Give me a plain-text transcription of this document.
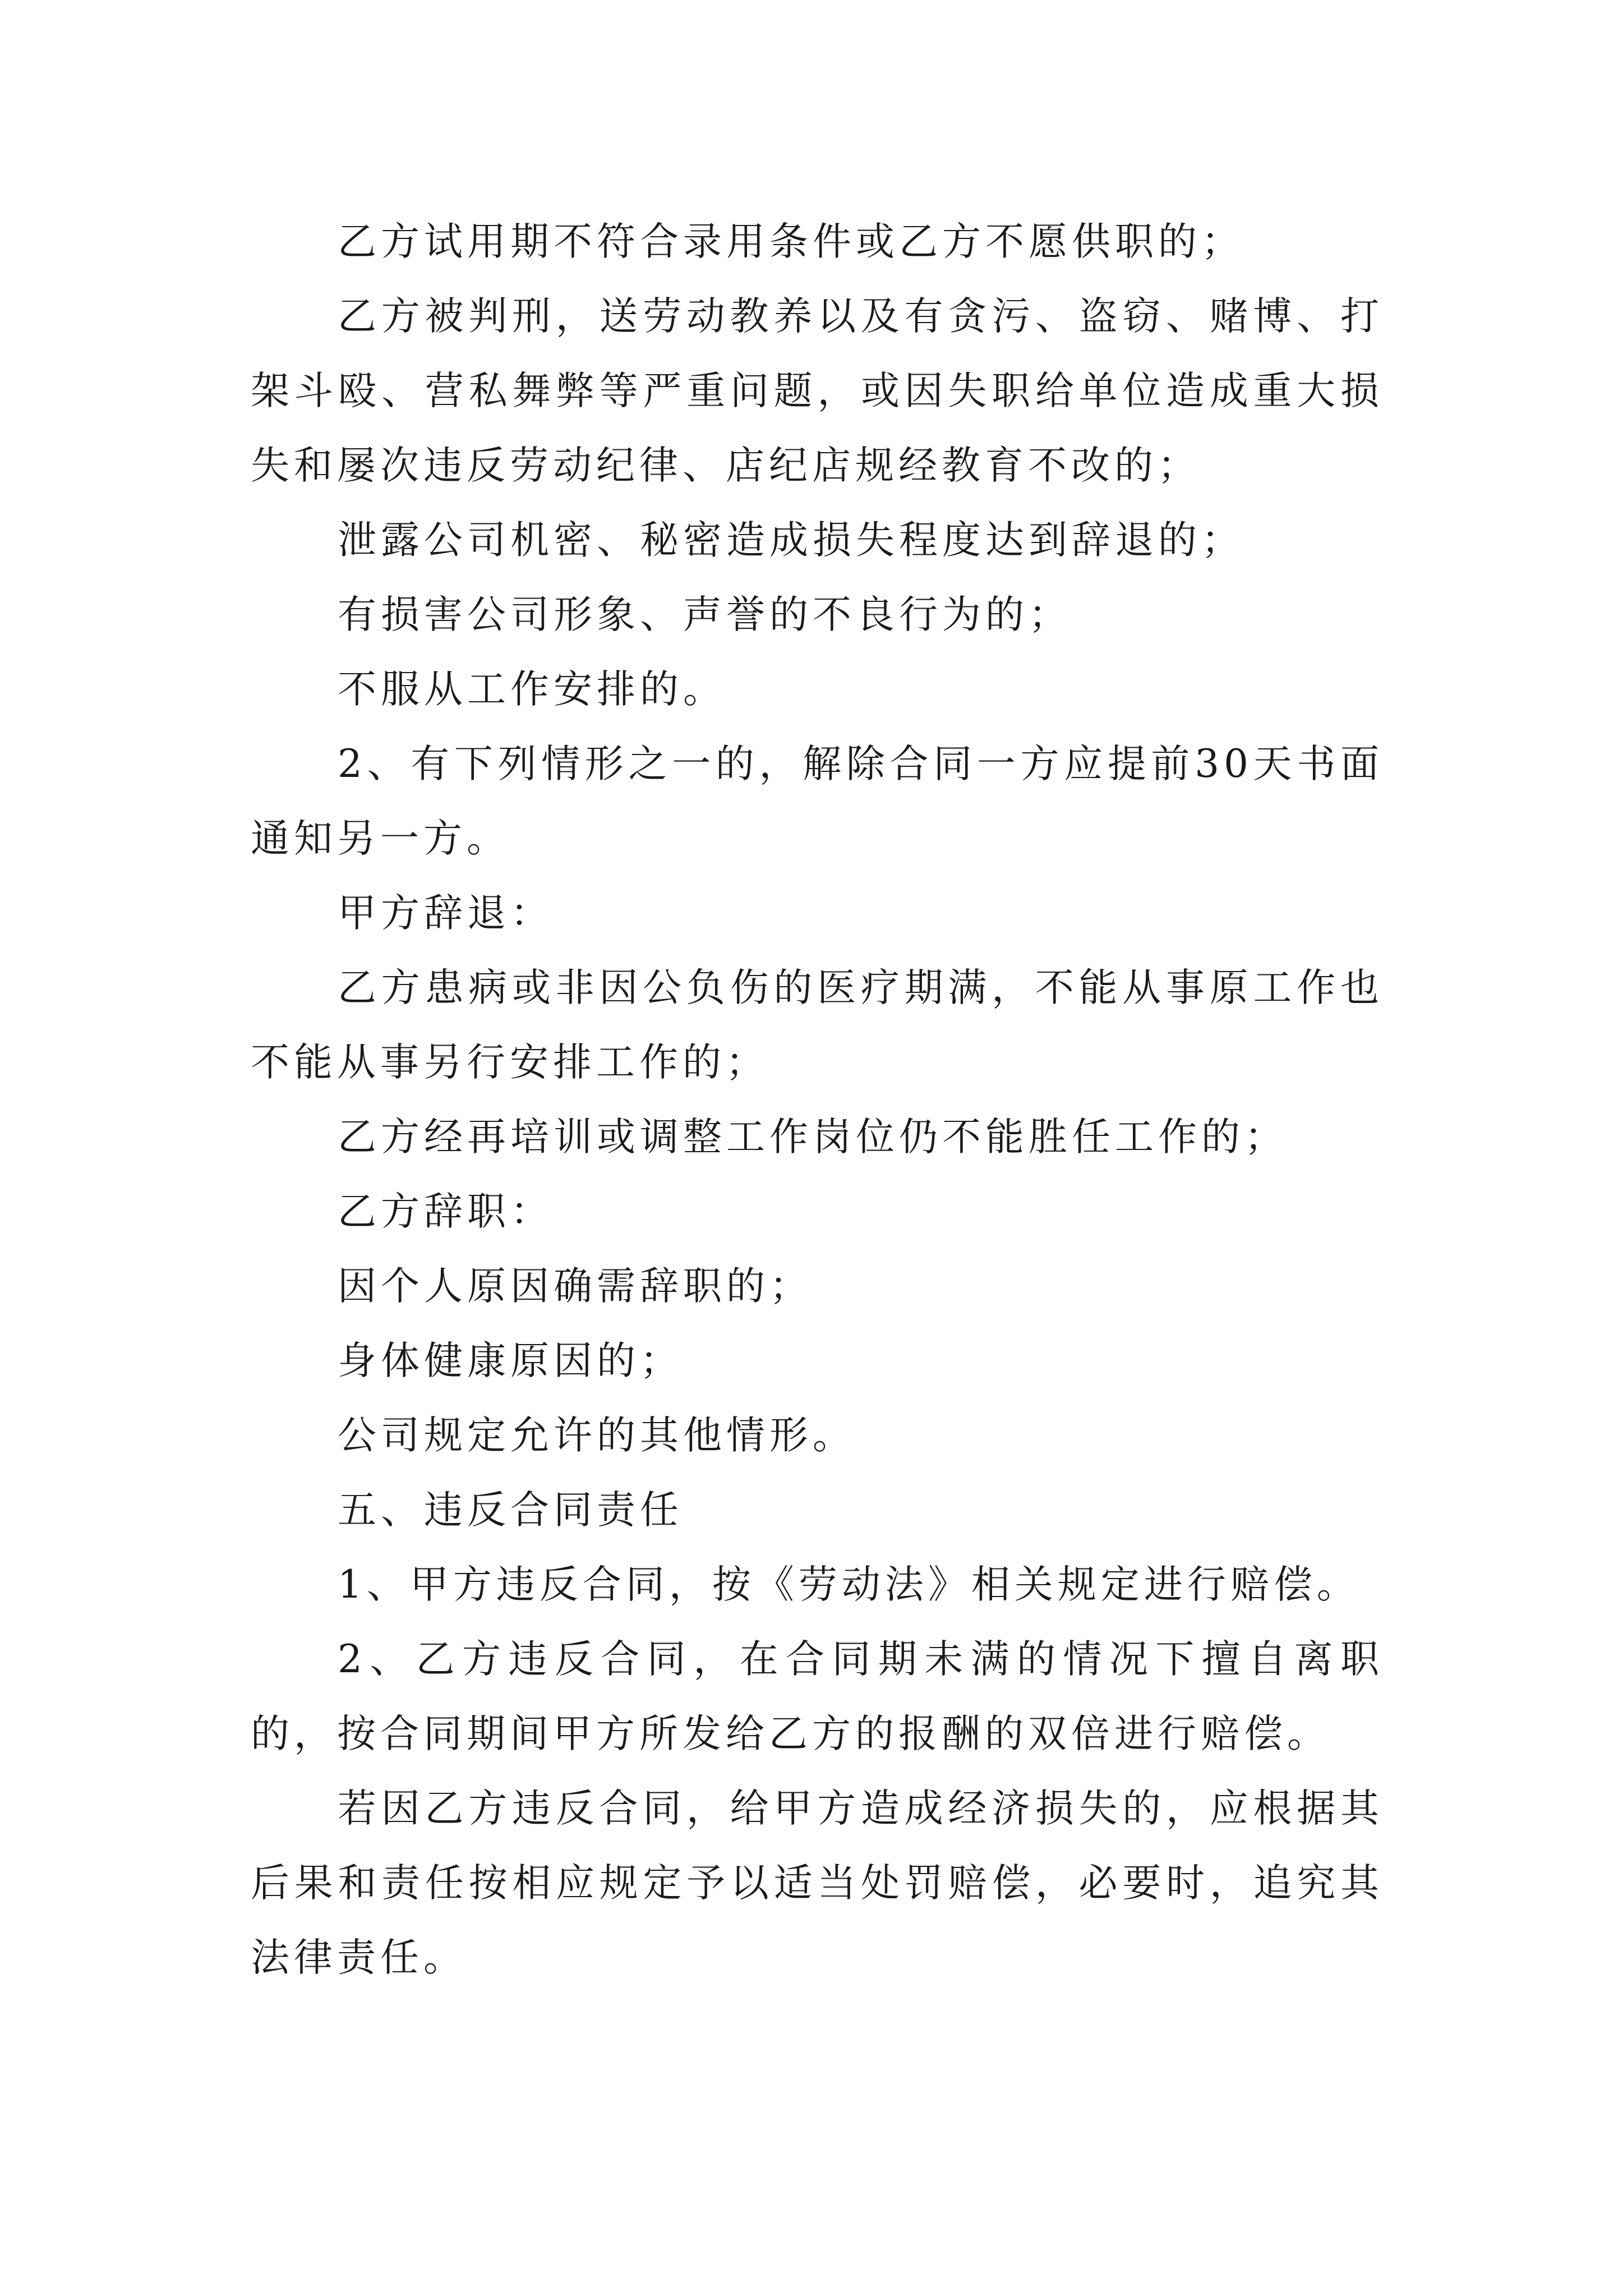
乙方试用期不符合录用条件或乙方不愿供职的；

乙方被判刑，送劳动教养以及有贪污、盗窃、赌博、打架斗殴、营私舞弊等严重问题，或因失职给单位造成重大损失和屡次违反劳动纪律、店纪店规经教育不改的；

泄露公司机密、秘密造成损失程度达到辞退的；

有损害公司形象、声誉的不良行为的；

不服从工作安排的。

2、有下列情形之一的，解除合同一方应提前30天书面通知另一方。

甲方辞退：

乙方患病或非因公负伤的医疗期满，不能从事原工作也不能从事另行安排工作的；

乙方经再培训或调整工作岗位仍不能胜任工作的；

乙方辞职：

因个人原因确需辞职的；

身体健康原因的；

公司规定允许的其他情形。

五、违反合同责任

1、甲方违反合同，按《劳动法》相关规定进行赔偿。

2、乙方违反合同，在合同期未满的情况下擅自离职的，按合同期间甲方所发给乙方的报酬的双倍进行赔偿。

若因乙方违反合同，给甲方造成经济损失的，应根据其后果和责任按相应规定予以适当处罚赔偿，必要时，追究其法律责任。
